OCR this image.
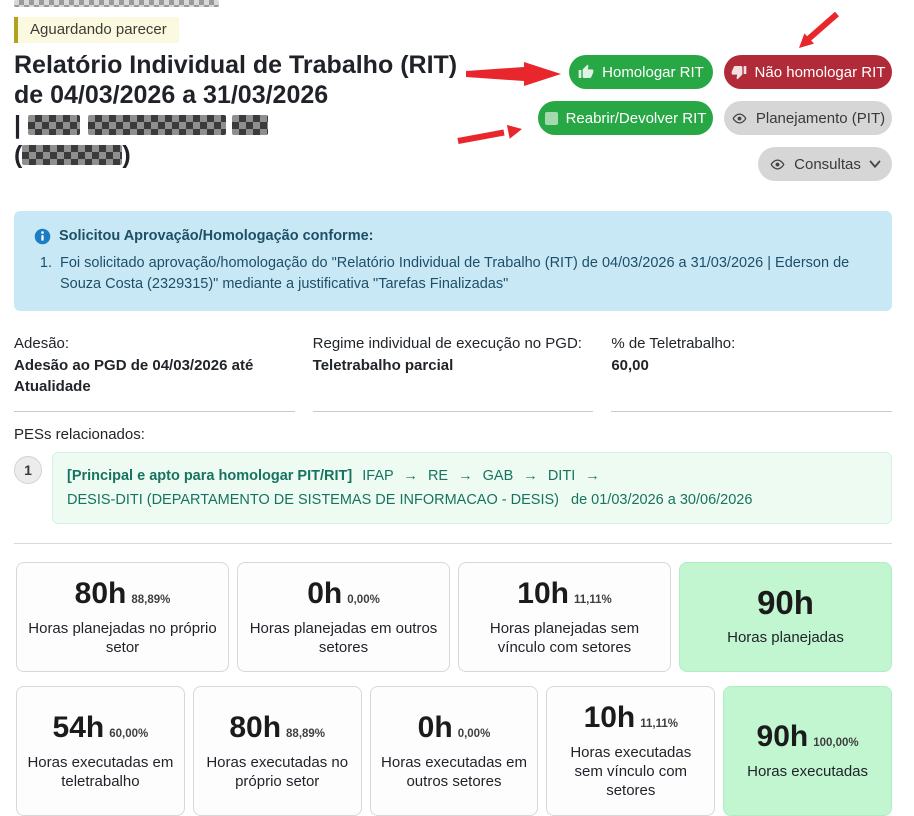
Aguardando parecer
Relatório Individual de Trabalho (RIT) de 04/03/2026 a 31/03/2026
|
(	)
Homologar RIT	Não homologar RIT
Reabrir/Devolver RIT	Planejamento (PIT)
Consultas
Solicitou Aprovação/Homologação conforme:
1. Foi solicitado aprovação/homologação do "Relatório Individual de Trabalho (RIT) de 04/03/2026 a 31/03/2026 | Ederson de Souza Costa (2329315)" mediante a justificativa "Tarefas Finalizadas"
Adesão:
Adesão ao PGD de 04/03/2026 até Atualidade
Regime individual de execução no PGD:
Teletrabalho parcial
% de Teletrabalho:
60,00
PESs relacionados:
1	[Principal e apto para homologar PIT/RIT] IFAP → RE → GAB → DITI →
DESIS-DITI (DEPARTAMENTO DE SISTEMAS DE INFORMACAO - DESIS) de 01/03/2026 a 30/06/2026
80h 88,89%
Horas planejadas no próprio setor
0h 0,00%
Horas planejadas em outros setores
10h 11,11%
Horas planejadas sem vínculo com setores
90h
Horas planejadas
54h 60,00%
Horas executadas em teletrabalho
80h 88,89%
Horas executadas no próprio setor
0h 0,00%
Horas executadas em outros setores
10h 11,11%
Horas executadas sem vínculo com setores
90h 100,00%
Horas executadas
